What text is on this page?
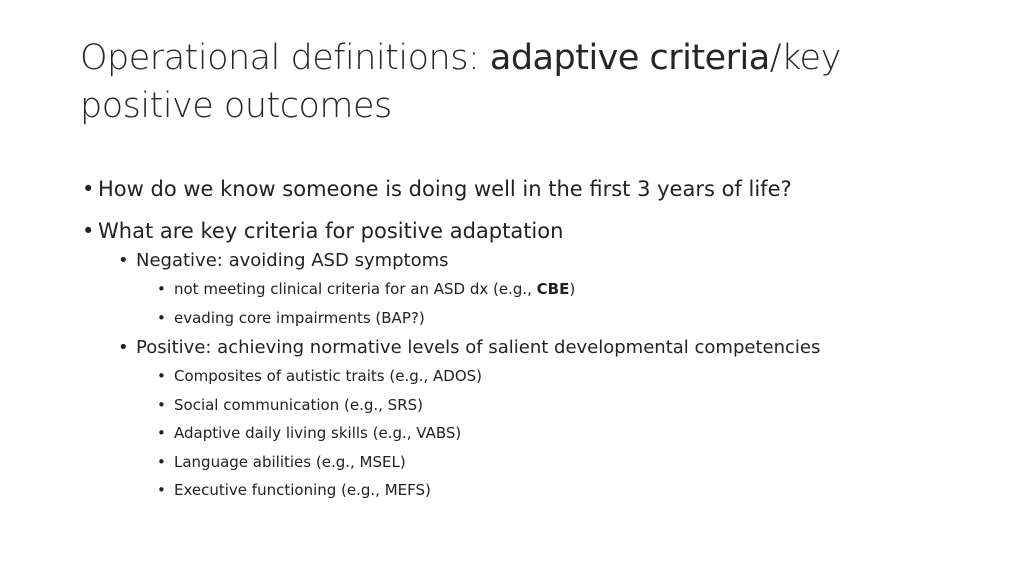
Operational definitions: adaptive criteria/key
positive outcomes
• How do we know someone is doing well in the first 3 years of life?
• What are key criteria for positive adaptation
• Negative: avoiding ASD symptoms
• not meeting clinical criteria for an ASD dx (e.g., CBE)
• evading core impairments (BAP?)
• Positive: achieving normative levels of salient developmental competencies
• Composites of autistic traits (e.g., ADOS)
• Social communication (e.g., SRS)
• Adaptive daily living skills (e.g., VABS)
• Language abilities (e.g., MSEL)
• Executive functioning (e.g., MEFS)
